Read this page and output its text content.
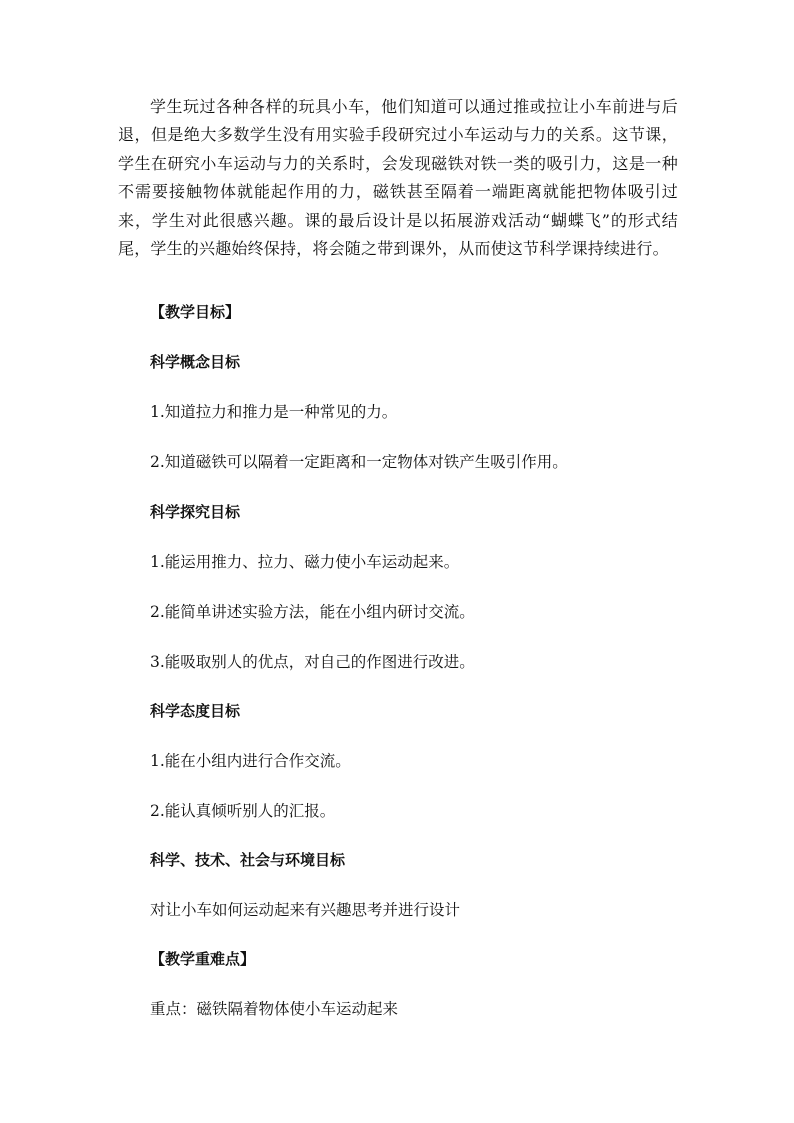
学生玩过各种各样的玩具小车，他们知道可以通过推或拉让小车前进与后退，但是绝大多数学生没有用实验手段研究过小车运动与力的关系。这节课，学生在研究小车运动与力的关系时，会发现磁铁对铁一类的吸引力，这是一种不需要接触物体就能起作用的力，磁铁甚至隔着一端距离就能把物体吸引过来，学生对此很感兴趣。课的最后设计是以拓展游戏活动“蝴蝶飞”的形式结尾，学生的兴趣始终保持，将会随之带到课外，从而使这节科学课持续进行。

【教学目标】

科学概念目标

1.知道拉力和推力是一种常见的力。

2.知道磁铁可以隔着一定距离和一定物体对铁产生吸引作用。

科学探究目标

1.能运用推力、拉力、磁力使小车运动起来。

2.能简单讲述实验方法，能在小组内研讨交流。

3.能吸取别人的优点，对自己的作图进行改进。

科学态度目标

1.能在小组内进行合作交流。

2.能认真倾听别人的汇报。

科学、技术、社会与环境目标

对让小车如何运动起来有兴趣思考并进行设计

【教学重难点】

重点：磁铁隔着物体使小车运动起来
